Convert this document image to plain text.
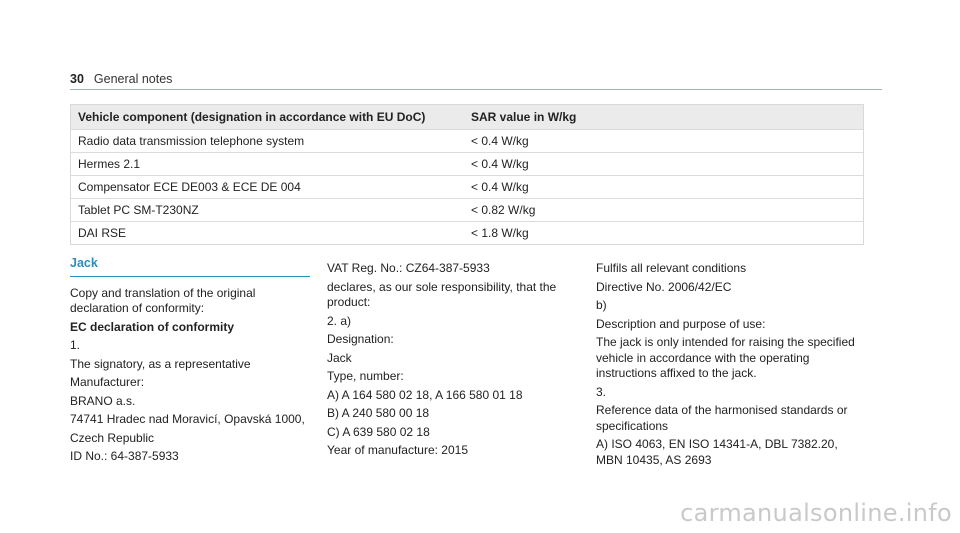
30 General notes
Vehicle component (designation in accordance with EU DoC)	SAR value in W/kg
Radio data transmission telephone system	< 0.4 W/kg
Hermes 2.1	< 0.4 W/kg
Compensator ECE DE003 & ECE DE 004	< 0.4 W/kg
Tablet PC SM-T230NZ	< 0.82 W/kg
DAI RSE	< 1.8 W/kg
Jack

Copy and translation of the original declaration of conformity:

EC declaration of conformity

1.

The signatory, as a representative

Manufacturer:

BRANO a.s.

74741 Hradec nad Moravicí, Opavská 1000,

Czech Republic

ID No.: 64-387-5933

VAT Reg. No.: CZ64-387-5933

declares, as our sole responsibility, that the product:

2. a)

Designation:

Jack

Type, number:

A) A 164 580 02 18, A 166 580 01 18

B) A 240 580 00 18

C) A 639 580 02 18

Year of manufacture: 2015

Fulfils all relevant conditions

Directive No. 2006/42/EC

b)

Description and purpose of use:

The jack is only intended for raising the specified vehicle in accordance with the operating instructions affixed to the jack.

3.

Reference data of the harmonised standards or specifications

A) ISO 4063, EN ISO 14341-A, DBL 7382.20, MBN 10435, AS 2693

carmanualsonline.info
